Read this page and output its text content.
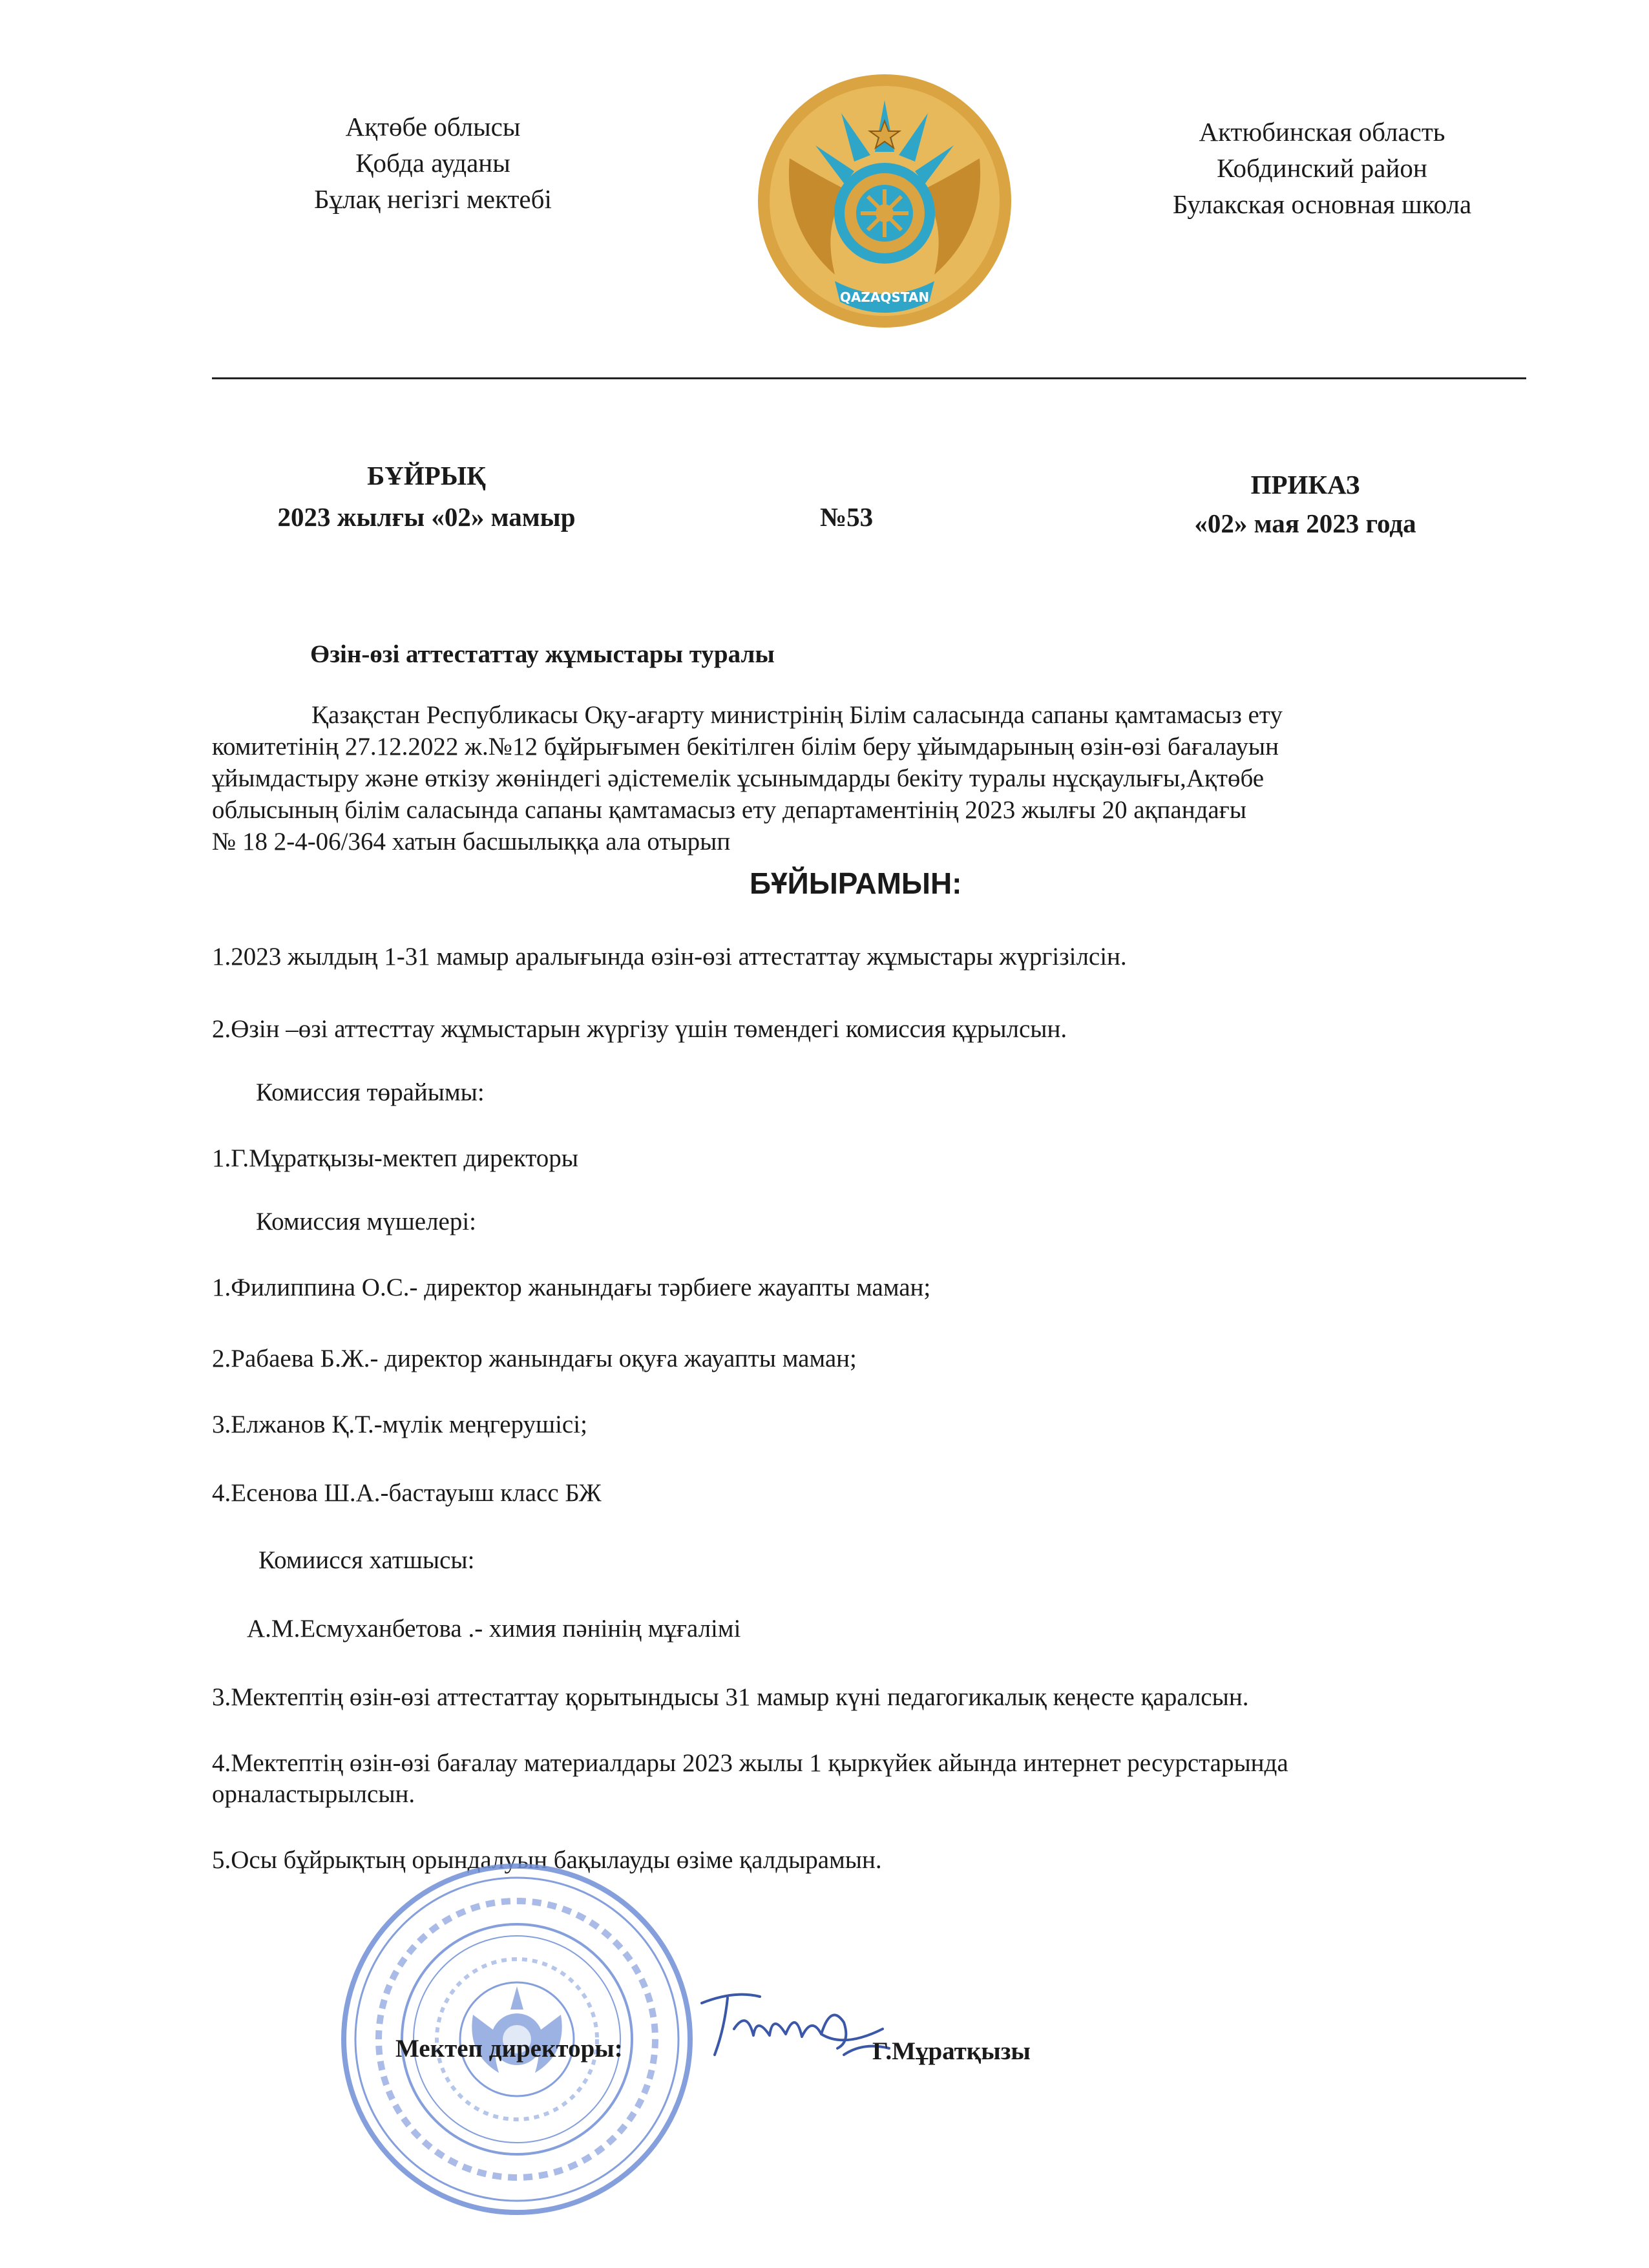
Ақтөбе облысы
Қобда ауданы
Бұлақ негізгі мектебі
QAZAQSTAN
Актюбинская область
Кобдинский район
Булакская основная школа
БҰЙРЫҚ
2023 жылғы «02» мамыр	№53
ПРИКАЗ
«02» мая 2023 года
Өзін-өзі аттестаттау жұмыстары туралы
Қазақстан Республикасы Оқу-ағарту министрінің Білім саласында сапаны қамтамасыз ету
комитетінің 27.12.2022 ж.№12 бұйрығымен бекітілген білім беру ұйымдарының өзін-өзі бағалауын
ұйымдастыру және өткізу жөніндегі әдістемелік ұсынымдарды бекіту туралы нұсқаулығы,Ақтөбе
облысының білім саласында сапаны қамтамасыз ету департаментінің 2023 жылғы 20 ақпандағы
№ 18 2-4-06/364 хатын басшылыққа ала отырып
БҰЙЫРАМЫН:
1.2023 жылдың 1-31 мамыр аралығында өзін-өзі аттестаттау жұмыстары жүргізілсін.
2.Өзін –өзі аттесттау жұмыстарын жүргізу үшін төмендегі комиссия құрылсын.
Комиссия төрайымы:
1.Г.Мұратқызы-мектеп директоры
Комиссия мүшелері:
1.Филиппина О.С.- директор жанындағы тәрбиеге жауапты маман;
2.Рабаева Б.Ж.- директор жанындағы оқуға жауапты маман;
3.Елжанов Қ.Т.-мүлік меңгерушісі;
4.Есенова Ш.А.-бастауыш класс БЖ
Комиисся хатшысы:
А.М.Есмуханбетова .- химия пәнінің мұғалімі
3.Мектептің өзін-өзі аттестаттау қорытындысы 31 мамыр күні педагогикалық кеңесте қаралсын.
4.Мектептің өзін-өзі бағалау материалдары 2023 жылы 1 қыркүйек айында интернет ресурстарында
орналастырылсын.
5.Осы бұйрықтың орындалуын бақылауды өзіме қалдырамын.
Мектеп директоры:	Г.Мұратқызы
